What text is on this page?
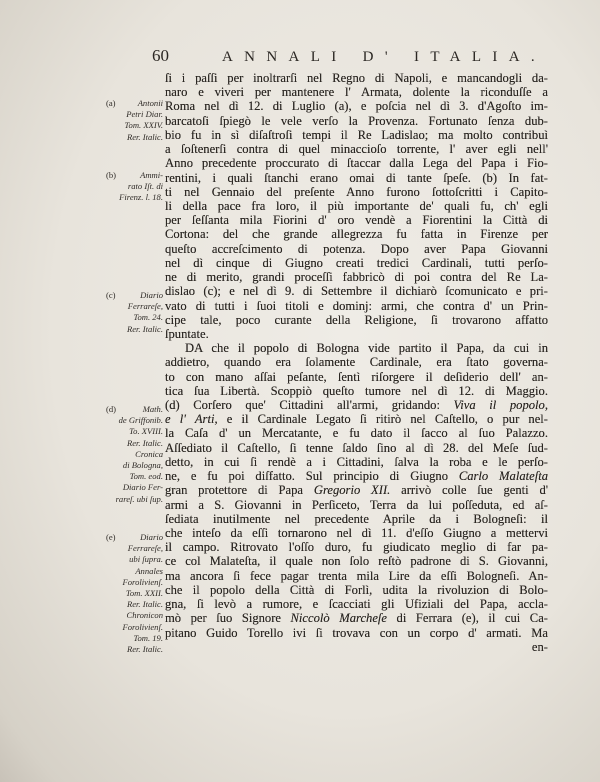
60	ANNALI D' ITALIA.
(a)	Antonii
Petri Diar.
Tom. XXIV.
Rer. Italic.
(b)	Ammi-
rato Iſt. di
Firenz. l. 18.
(c)	Diario
Ferrareſe,
Tom. 24.
Rer. Italic.
(d)	Math.
de Griffonib.
To. XVIII.
Rer. Italic.
Cronica
di Bologna,
Tom. eod.
Diario Fer-
rareſ. ubi ſup.
(e)	Diario
Ferrareſe,
ubi ſupra.
Annales
Forolivienſ.
Tom. XXII.
Rer. Italic.
Chronicon
Forolivienſ.
Tom. 19.
Rer. Italic.
ſi i paſſi per inoltrarſi nel Regno di Napoli, e mancandogli da-
naro e viveri per mantenere l' Armata, dolente la riconduſſe a
Roma nel dì 12. di Luglio (a), e poſcia nel dì 3. d'Agoſto im-
barcatoſi ſpiegò le vele verſo la Provenza. Fortunato ſenza dub-
bio fu in sì diſaſtroſi tempi il Re Ladislao; ma molto contribuì
a ſoſtenerſi contra di quel minaccioſo torrente, l' aver egli nell'
Anno precedente proccurato di ſtaccar dalla Lega del Papa i Fio-
rentini, i quali ſtanchi erano omai di tante ſpeſe. (b) In fat-
ti nel Gennaio del preſente Anno furono ſottoſcritti i Capito-
li della pace fra loro, il più importante de' quali fu, ch' egli
per ſeſſanta mila Fiorini d' oro vendè a Fiorentini la Città di
Cortona: del che grande allegrezza fu fatta in Firenze per
queſto accreſcimento di potenza. Dopo aver Papa Giovanni
nel dì cinque di Giugno creati tredici Cardinali, tutti perſo-
ne di merito, grandi proceſſi fabbricò di poi contra del Re La-
dislao (c); e nel dì 9. di Settembre il dichiarò ſcomunicato e pri-
vato di tutti i ſuoi titoli e dominj: armi, che contra d' un Prin-
cipe tale, poco curante della Religione, ſi trovarono affatto
ſpuntate.
DA che il popolo di Bologna vide partito il Papa, da cui in
addietro, quando era ſolamente Cardinale, era ſtato governa-
to con mano aſſai peſante, ſentì riſorgere il deſiderio dell' an-
tica ſua Libertà. Scoppiò queſto tumore nel dì 12. di Maggio.
(d) Corſero que' Cittadini all'armi, gridando: Viva il popolo,
e l' Arti, e il Cardinale Legato ſi ritirò nel Caſtello, o pur nel-
la Caſa d' un Mercatante, e fu dato il ſacco al ſuo Palazzo.
Aſſediato il Caſtello, ſi tenne ſaldo ſino al dì 28. del Meſe ſud-
detto, in cui ſi rendè a i Cittadini, ſalva la roba e le perſo-
ne, e fu poi diſfatto. Sul principio di Giugno Carlo Malateſta
gran protettore di Papa Gregorio XII. arrivò colle ſue genti d'
armi a S. Giovanni in Perſiceto, Terra da lui poſſeduta, ed aſ-
ſediata inutilmente nel precedente Aprile da i Bologneſi: il
che inteſo da eſſi tornarono nel dì 11. d'eſſo Giugno a mettervi
il campo. Ritrovato l'oſſo duro, fu giudicato meglio di far pa-
ce col Malateſta, il quale non ſolo reſtò padrone di S. Giovanni,
ma ancora ſi fece pagar trenta mila Lire da eſſi Bologneſi. An-
che il popolo della Città di Forlì, udita la rivoluzion di Bolo-
gna, ſi levò a rumore, e ſcacciati gli Ufiziali del Papa, accla-
mò per ſuo Signore Niccolò Marcheſe di Ferrara (e), il cui Ca-
pitano Guido Torello ivi ſi trovava con un corpo d' armati. Ma
en-
